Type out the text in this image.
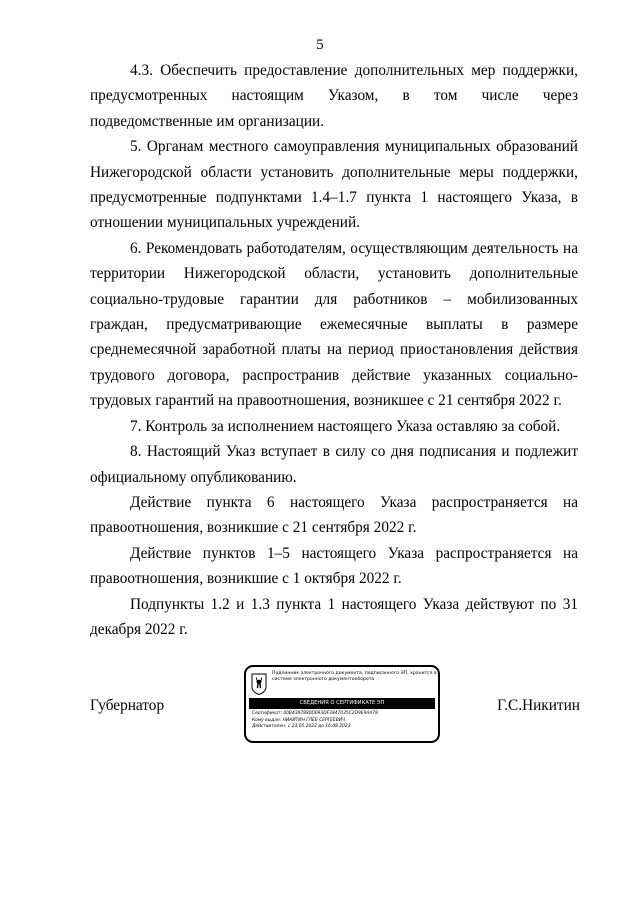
5

4.3. Обеспечить предоставление дополнительных мер поддержки, предусмотренных настоящим Указом, в том числе через подведомственные им организации.

5. Органам местного самоуправления муниципальных образований Нижегородской области установить дополнительные меры поддержки, предусмотренные подпунктами 1.4–1.7 пункта 1 настоящего Указа, в отношении муниципальных учреждений.

6. Рекомендовать работодателям, осуществляющим деятельность на территории Нижегородской области, установить дополнительные социально-трудовые гарантии для работников – мобилизованных граждан, предусматривающие ежемесячные выплаты в размере среднемесячной заработной платы на период приостановления действия трудового договора, распространив действие указанных социально-трудовых гарантий на правоотношения, возникшее с 21 сентября 2022 г.

7. Контроль за исполнением настоящего Указа оставляю за собой.

8. Настоящий Указ вступает в силу со дня подписания и подлежит официальному опубликованию.

Действие пункта 6 настоящего Указа распространяется на правоотношения, возникшие с 21 сентября 2022 г.

Действие пунктов 1–5 настоящего Указа распространяется на правоотношения, возникшие с 1 октября 2022 г.

Подпункты 1.2 и 1.3 пункта 1 настоящего Указа действуют по 31 декабря 2022 г.

Губернатор
Подлинник электронного документа, подписанного ЭП, хранится в системе электронного документооборота
СВЕДЕНИЯ О СЕРТИФИКАТЕ ЭП
Сертификат: 00B4387880D093DF3847035C2D9E9AA78
Кому выдан: НИКИТИН ГЛЕБ СЕРГЕЕВИЧ
Действителен: с 23.05.2022 до 16.08.2023
Г.С.Никитин
